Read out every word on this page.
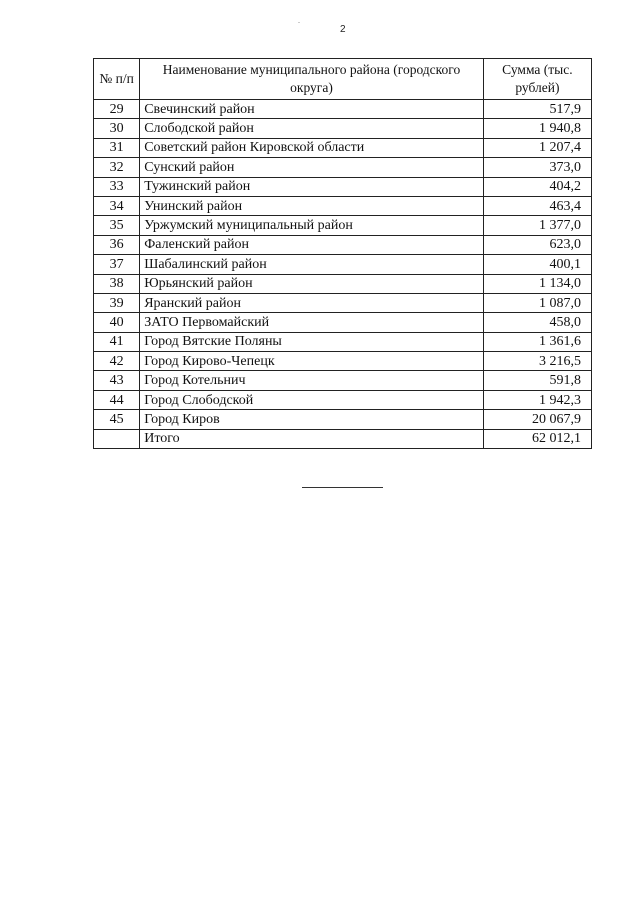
2
№ п/п	Наименование муниципального района (городского округа)	Сумма (тыс. рублей)
29	Свечинский район	517,9
30	Слободской район	1 940,8
31	Советский район Кировской области	1 207,4
32	Сунский район	373,0
33	Тужинский район	404,2
34	Унинский район	463,4
35	Уржумский муниципальный район	1 377,0
36	Фаленский район	623,0
37	Шабалинский район	400,1
38	Юрьянский район	1 134,0
39	Яранский район	1 087,0
40	ЗАТО Первомайский	458,0
41	Город Вятские Поляны	1 361,6
42	Город Кирово-Чепецк	3 216,5
43	Город Котельнич	591,8
44	Город Слободской	1 942,3
45	Город Киров	20 067,9
	Итого	62 012,1
